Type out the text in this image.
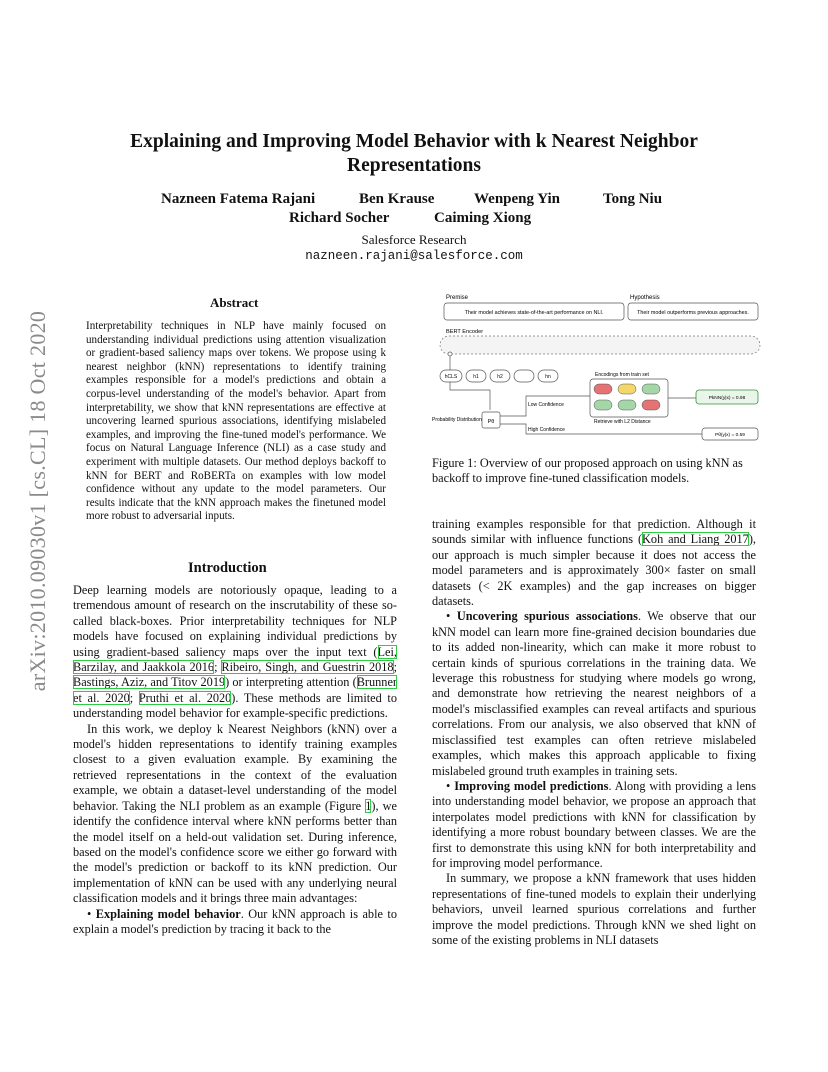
arXiv:2010.09030v1 [cs.CL] 18 Oct 2020
Explaining and Improving Model Behavior with k Nearest Neighbor
Representations
Nazneen Fatema Rajani	Ben Krause	Wenpeng Yin	Tong Niu
Richard Socher	Caiming Xiong
Salesforce Research
nazneen.rajani@salesforce.com
Abstract
Interpretability techniques in NLP have mainly focused on understanding individual predictions using attention visualization or gradient-based saliency maps over tokens. We propose using k nearest neighbor (kNN) representations to identify training examples responsible for a model's predictions and obtain a corpus-level understanding of the model's behavior. Apart from interpretability, we show that kNN representations are effective at uncovering learned spurious associations, identifying mislabeled examples, and improving the fine-tuned model's performance. We focus on Natural Language Inference (NLI) as a case study and experiment with multiple datasets. Our method deploys backoff to kNN for BERT and RoBERTa on examples with low model confidence without any update to the model parameters. Our results indicate that the kNN approach makes the finetuned model more robust to adversarial inputs.
Introduction

Deep learning models are notoriously opaque, leading to a tremendous amount of research on the inscrutability of these so-called black-boxes. Prior interpretability techniques for NLP models have focused on explaining individual predictions by using gradient-based saliency maps over the input text (Lei, Barzilay, and Jaakkola 2016; Ribeiro, Singh, and Guestrin 2018; Bastings, Aziz, and Titov 2019) or interpreting attention (Brunner et al. 2020; Pruthi et al. 2020). These methods are limited to understanding model behavior for example-specific predictions.

In this work, we deploy k Nearest Neighbors (kNN) over a model's hidden representations to identify training examples closest to a given evaluation example. By examining the retrieved representations in the context of the evaluation example, we obtain a dataset-level understanding of the model behavior. Taking the NLI problem as an example (Figure 1), we identify the confidence interval where kNN performs better than the model itself on a held-out validation set. During inference, based on the model's confidence score we either go forward with the model's prediction or backoff to its kNN prediction. Our implementation of kNN can be used with any underlying neural classification models and it brings three main advantages:

• Explaining model behavior. Our kNN approach is able to explain a model's prediction by tracing it back to the

Premise	Hypothesis
Their model achieves state-of-the-art performance on NLI.	Their model outperforms previous approaches.
BERT Encoder
hCLS	h1	h2	hn
Probability Distribution Pθ
Low Confidence
High Confidence
Encodings from train set
Retrieve with L2 Distance
PkNN(y|x) = 0.98
Pθ(y|x) = 0.59
Figure 1: Overview of our proposed approach on using kNN as backoff to improve fine-tuned classification models.

training examples responsible for that prediction. Although it sounds similar with influence functions (Koh and Liang 2017), our approach is much simpler because it does not access the model parameters and is approximately 300× faster on small datasets (< 2K examples) and the gap increases on bigger datasets.

• Uncovering spurious associations. We observe that our kNN model can learn more fine-grained decision boundaries due to its added non-linearity, which can make it more robust to certain kinds of spurious correlations in the training data. We leverage this robustness for studying where models go wrong, and demonstrate how retrieving the nearest neighbors of a model's misclassified examples can reveal artifacts and spurious correlations. From our analysis, we also observed that kNN of misclassified test examples can often retrieve mislabeled examples, which makes this approach applicable to fixing mislabeled ground truth examples in training sets.

• Improving model predictions. Along with providing a lens into understanding model behavior, we propose an approach that interpolates model predictions with kNN for classification by identifying a more robust boundary between classes. We are the first to demonstrate this using kNN for both interpretability and for improving model performance.

In summary, we propose a kNN framework that uses hidden representations of fine-tuned models to explain their underlying behaviors, unveil learned spurious correlations and further improve the model predictions. Through kNN we shed light on some of the existing problems in NLI datasets
